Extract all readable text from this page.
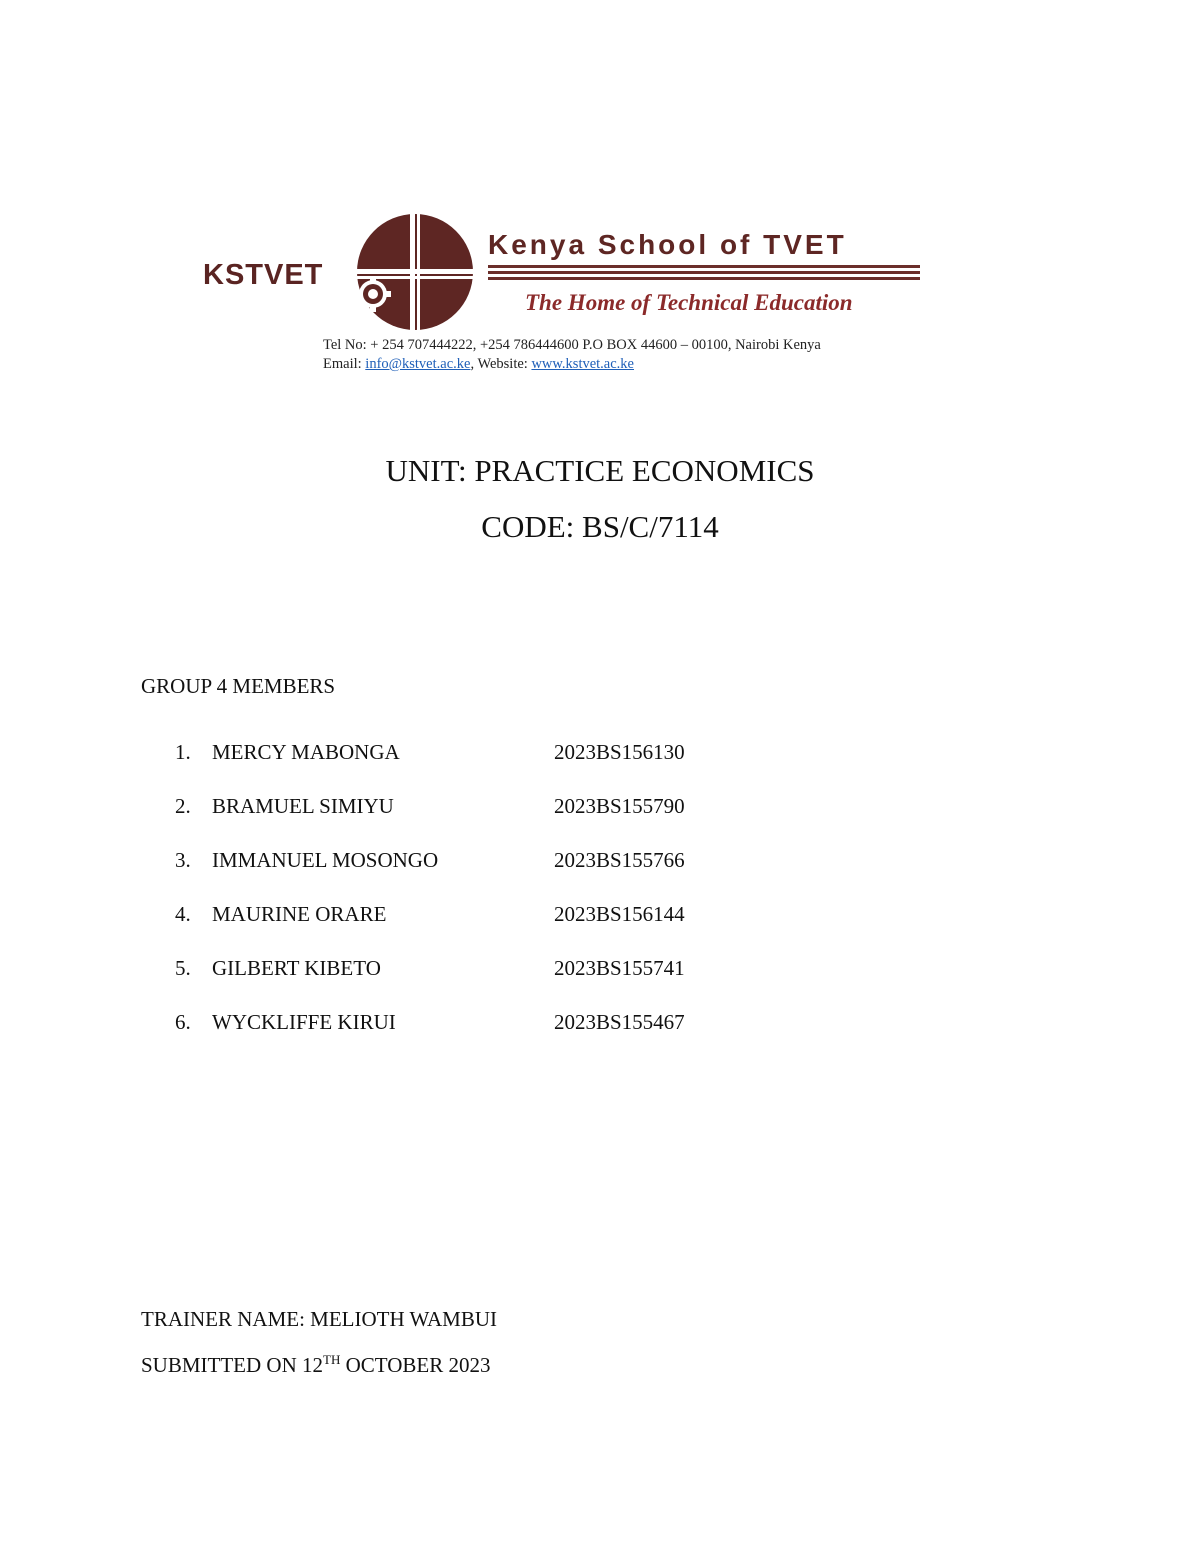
KSTVET
Kenya School of TVET
The Home of Technical Education
Tel No: + 254 707444222, +254 786444600 P.O BOX 44600 – 00100, Nairobi Kenya
Email: info@kstvet.ac.ke, Website: www.kstvet.ac.ke
UNIT: PRACTICE ECONOMICS
CODE: BS/C/7114
GROUP 4 MEMBERS
1. MERCY MABONGA	2023BS156130
2. BRAMUEL SIMIYU	2023BS155790
3. IMMANUEL MOSONGO	2023BS155766
4. MAURINE ORARE	2023BS156144
5. GILBERT KIBETO	2023BS155741
6. WYCKLIFFE KIRUI	2023BS155467
TRAINER NAME: MELIOTH WAMBUI
SUBMITTED ON 12TH OCTOBER 2023
